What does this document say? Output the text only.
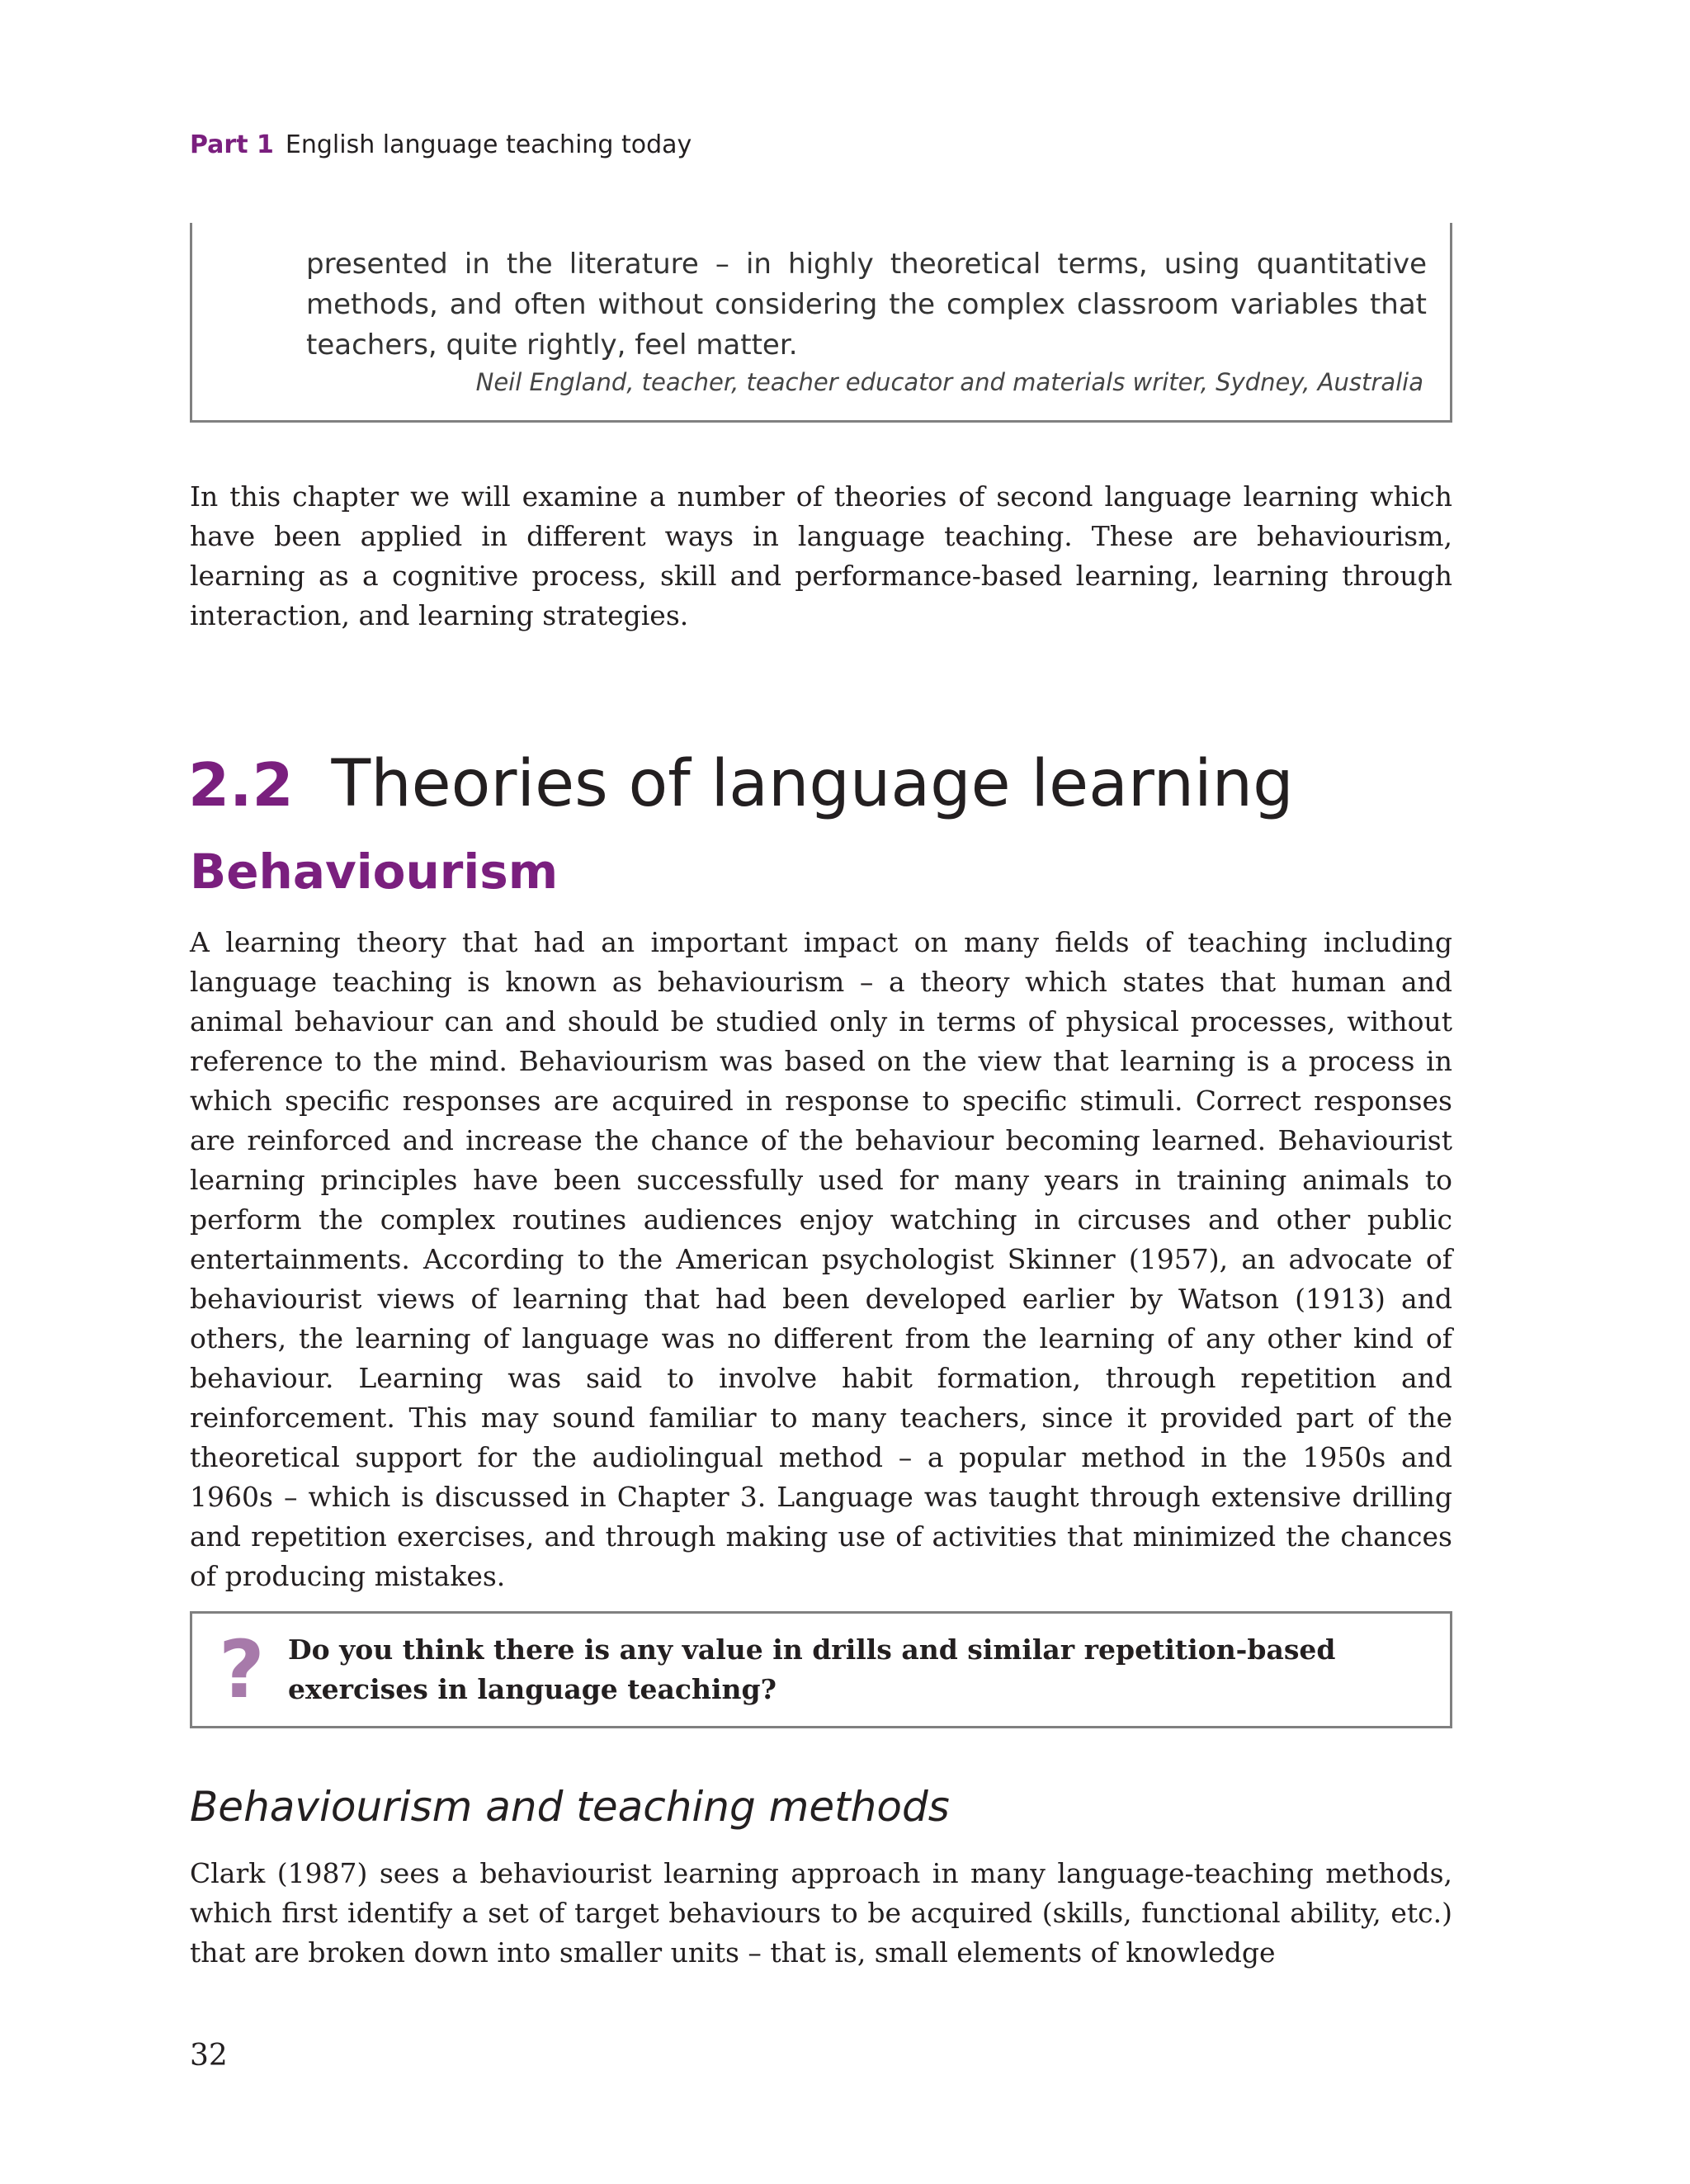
Part 1 English language teaching today
presented in the literature – in highly theoretical terms, using quantitative methods, and often without considering the complex classroom variables that teachers, quite rightly, feel matter.
Neil England, teacher, teacher educator and materials writer, Sydney, Australia

In this chapter we will examine a number of theories of second language learning which have been applied in different ways in language teaching. These are behaviourism, learning as a cognitive process, skill and performance-based learning, learning through interaction, and learning strategies.

2.2 Theories of language learning
Behaviourism

A learning theory that had an important impact on many fields of teaching including language teaching is known as behaviourism – a theory which states that human and animal behaviour can and should be studied only in terms of physical processes, without reference to the mind. Behaviourism was based on the view that learning is a process in which specific responses are acquired in response to specific stimuli. Correct responses are reinforced and increase the chance of the behaviour becoming learned. Behaviourist learning principles have been successfully used for many years in training animals to perform the complex routines audiences enjoy watching in circuses and other public entertainments. According to the American psychologist Skinner (1957), an advocate of behaviourist views of learning that had been developed earlier by Watson (1913) and others, the learning of language was no different from the learning of any other kind of behaviour. Learning was said to involve habit formation, through repetition and reinforcement. This may sound familiar to many teachers, since it provided part of the theoretical support for the audiolingual method – a popular method in the 1950s and 1960s – which is discussed in Chapter 3. Language was taught through extensive drilling and repetition exercises, and through making use of activities that minimized the chances of producing mistakes.

? Do you think there is any value in drills and similar repetition-based exercises in language teaching?
Behaviourism and teaching methods

Clark (1987) sees a behaviourist learning approach in many language-teaching methods, which first identify a set of target behaviours to be acquired (skills, functional ability, etc.) that are broken down into smaller units – that is, small elements of knowledge

32
